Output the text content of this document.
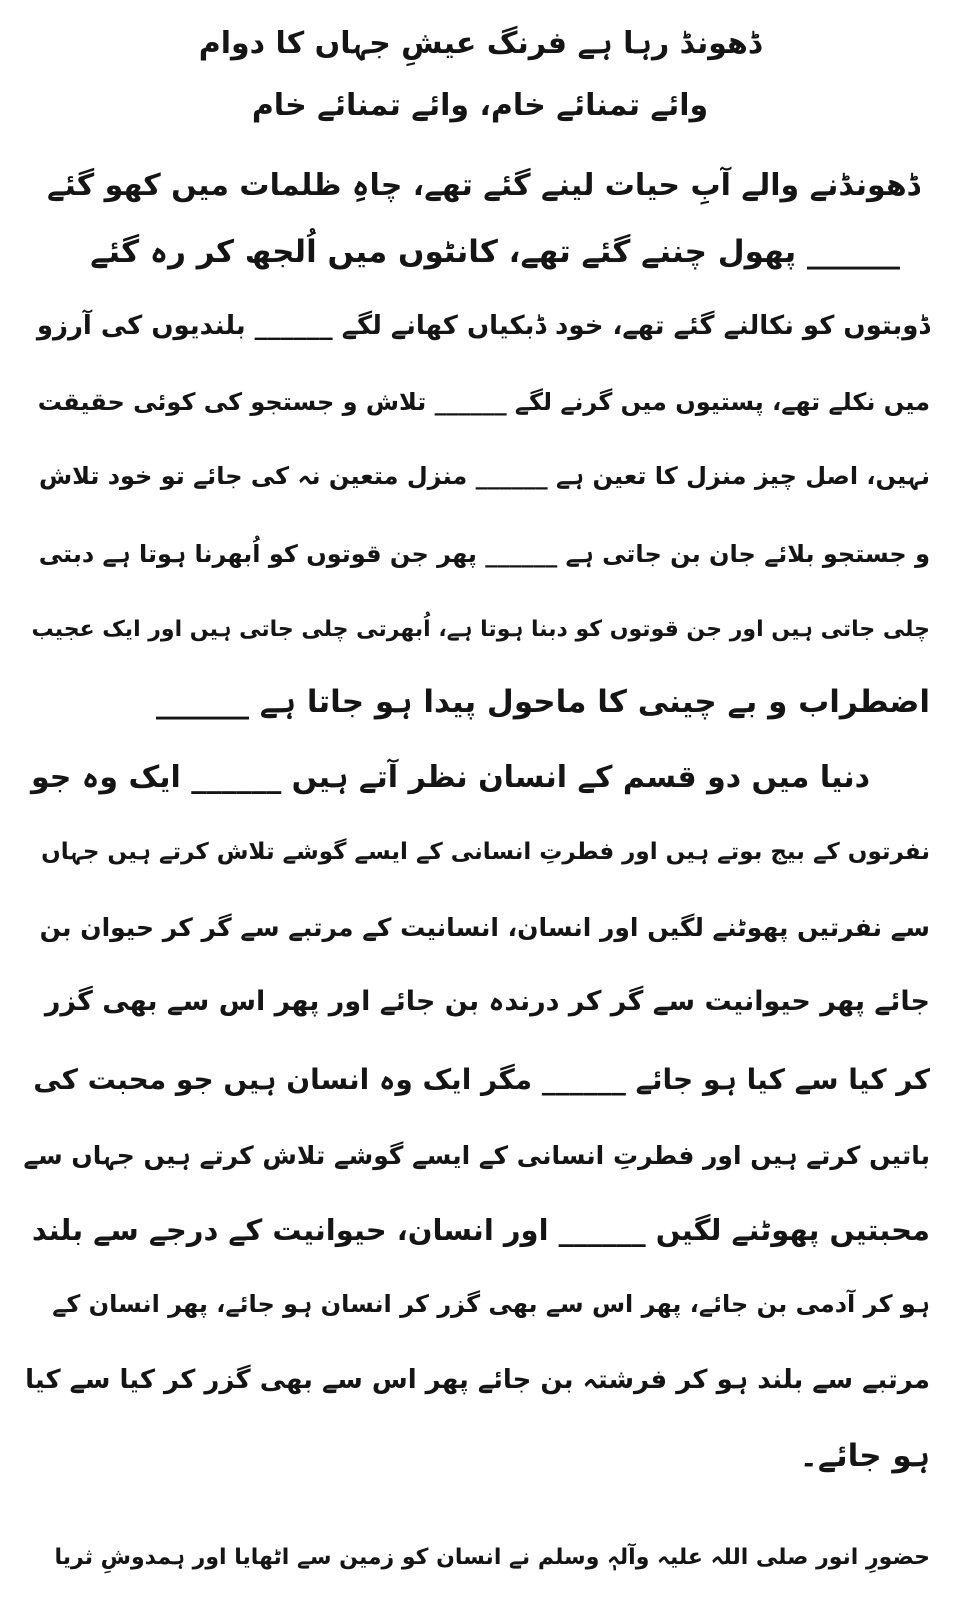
ڈھونڈ رہا ہے فرنگ عیشِ جہاں کا دوام
وائے تمنائے خام، وائے تمنائے خام
ڈھونڈنے والے آبِ حیات لینے گئے تھے، چاہِ ظلمات میں کھو گئے
______ پھول چننے گئے تھے، کانٹوں میں اُلجھ کر رہ گئے
ڈوبتوں کو نکالنے گئے تھے، خود ڈبکیاں کھانے لگے ______ بلندیوں کی آرزو
میں نکلے تھے، پستیوں میں گرنے لگے ______ تلاش و جستجو کی کوئی حقیقت
نہیں، اصل چیز منزل کا تعین ہے ______ منزل متعین نہ کی جائے تو خود تلاش
و جستجو بلائے جان بن جاتی ہے ______ پھر جن قوتوں کو اُبھرنا ہوتا ہے دبتی
چلی جاتی ہیں اور جن قوتوں کو دبنا ہوتا ہے، اُبھرتی چلی جاتی ہیں اور ایک عجیب
اضطراب و بے چینی کا ماحول پیدا ہو جاتا ہے ______
دنیا میں دو قسم کے انسان نظر آتے ہیں ______ ایک وہ جو
نفرتوں کے بیج بوتے ہیں اور فطرتِ انسانی کے ایسے گوشے تلاش کرتے ہیں جہاں
سے نفرتیں پھوٹنے لگیں اور انسان، انسانیت کے مرتبے سے گر کر حیوان بن
جائے پھر حیوانیت سے گر کر درندہ بن جائے اور پھر اس سے بھی گزر
کر کیا سے کیا ہو جائے ______ مگر ایک وہ انسان ہیں جو محبت کی
باتیں کرتے ہیں اور فطرتِ انسانی کے ایسے گوشے تلاش کرتے ہیں جہاں سے
محبتیں پھوٹنے لگیں ______ اور انسان، حیوانیت کے درجے سے بلند
ہو کر آدمی بن جائے، پھر اس سے بھی گزر کر انسان ہو جائے، پھر انسان کے
مرتبے سے بلند ہو کر فرشتہ بن جائے پھر اس سے بھی گزر کر کیا سے کیا
ہو جائے۔
حضورِ انور صلی اللہ علیہ وآلہٖ وسلم نے انسان کو زمین سے اٹھایا اور ہمدوشِ ثریا
